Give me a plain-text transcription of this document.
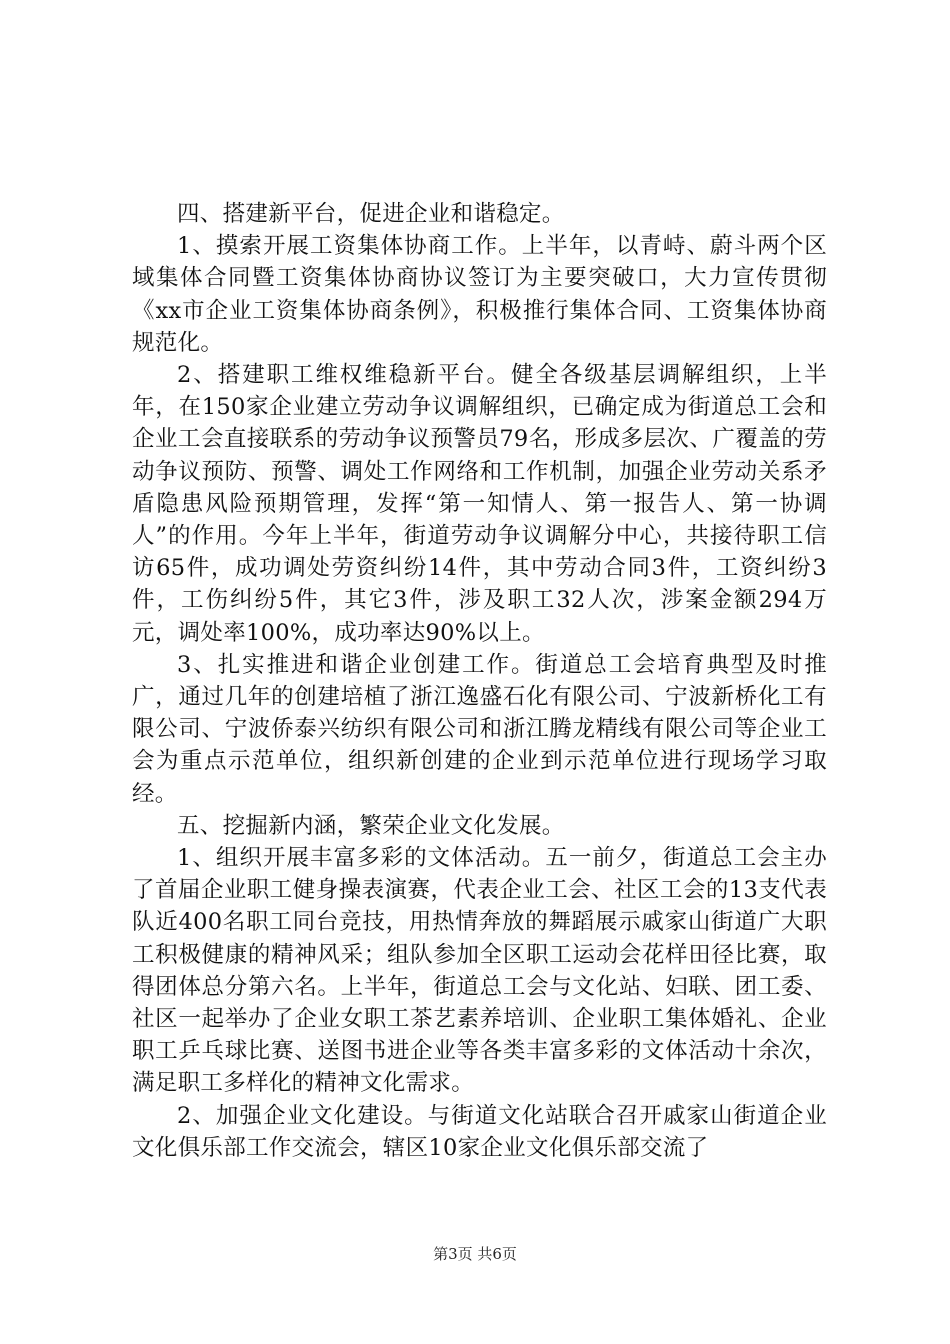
四、搭建新平台，促进企业和谐稳定。

1、摸索开展工资集体协商工作。上半年，以青峙、蔚斗两个区域集体合同暨工资集体协商协议签订为主要突破口，大力宣传贯彻《xx市企业工资集体协商条例》，积极推行集体合同、工资集体协商规范化。

2、搭建职工维权维稳新平台。健全各级基层调解组织，上半年，在150家企业建立劳动争议调解组织，已确定成为街道总工会和企业工会直接联系的劳动争议预警员79名，形成多层次、广覆盖的劳动争议预防、预警、调处工作网络和工作机制，加强企业劳动关系矛盾隐患风险预期管理，发挥“第一知情人、第一报告人、第一协调人”的作用。今年上半年，街道劳动争议调解分中心，共接待职工信访65件，成功调处劳资纠纷14件，其中劳动合同3件，工资纠纷3件，工伤纠纷5件，其它3件，涉及职工32人次，涉案金额294万元，调处率100%，成功率达90%以上。

3、扎实推进和谐企业创建工作。街道总工会培育典型及时推广，通过几年的创建培植了浙江逸盛石化有限公司、宁波新桥化工有限公司、宁波侨泰兴纺织有限公司和浙江腾龙精线有限公司等企业工会为重点示范单位，组织新创建的企业到示范单位进行现场学习取经。

五、挖掘新内涵，繁荣企业文化发展。

1、组织开展丰富多彩的文体活动。五一前夕，街道总工会主办了首届企业职工健身操表演赛，代表企业工会、社区工会的13支代表队近400名职工同台竞技，用热情奔放的舞蹈展示戚家山街道广大职工积极健康的精神风采；组队参加全区职工运动会花样田径比赛，取得团体总分第六名。上半年，街道总工会与文化站、妇联、团工委、社区一起举办了企业女职工茶艺素养培训、企业职工集体婚礼、企业职工乒乓球比赛、送图书进企业等各类丰富多彩的文体活动十余次，满足职工多样化的精神文化需求。

2、加强企业文化建设。与街道文化站联合召开戚家山街道企业文化俱乐部工作交流会，辖区10家企业文化俱乐部交流了

第3页 共6页
